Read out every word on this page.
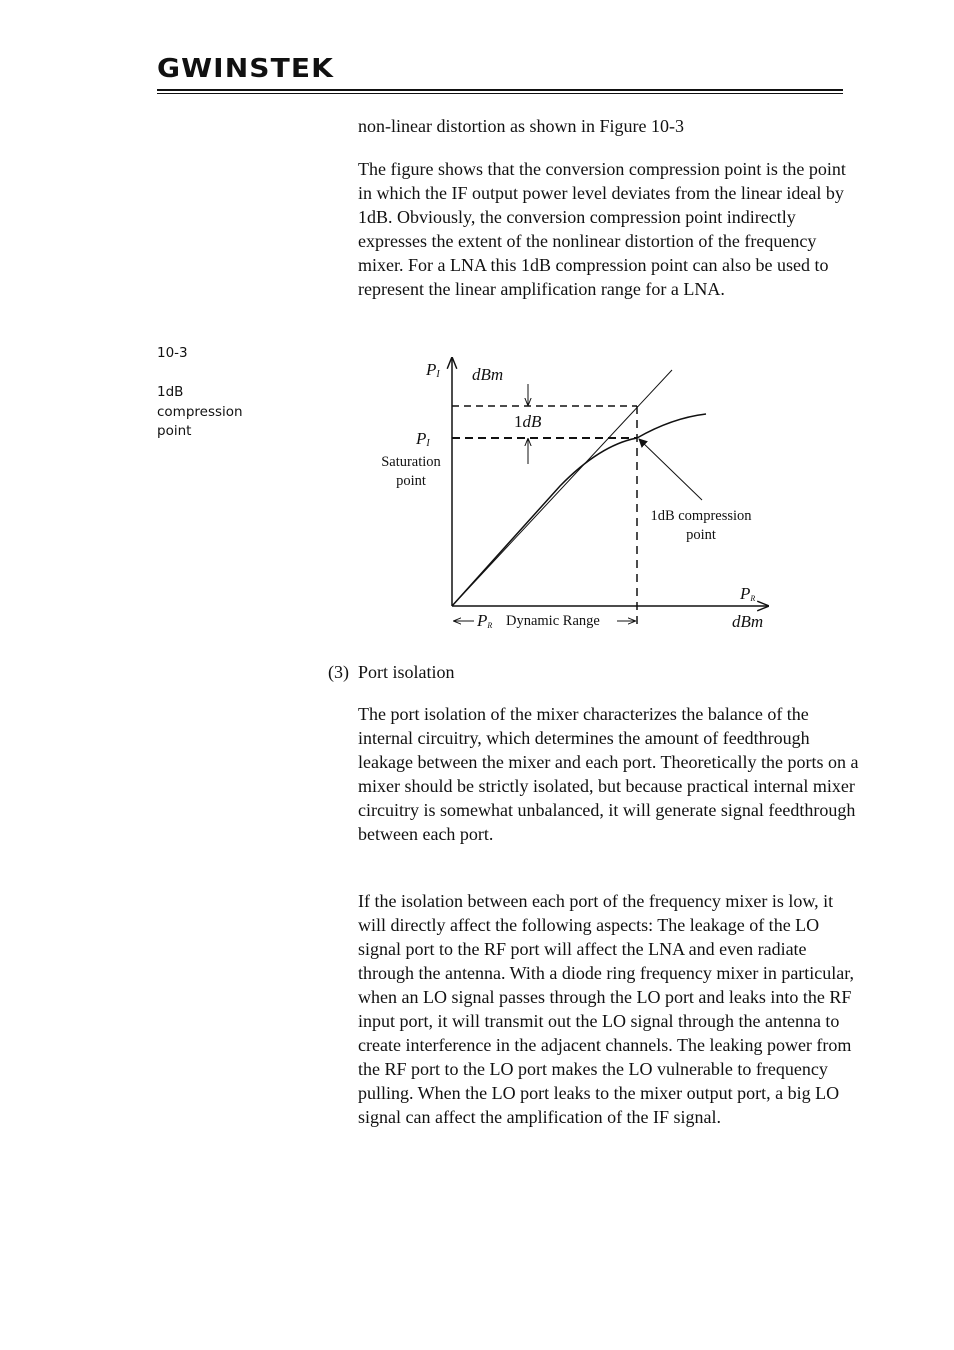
GWINSTEK

non-linear distortion as shown in Figure 10-3

The figure shows that the conversion compression point is the point in which the IF output power level deviates from the linear ideal by 1dB. Obviously, the conversion compression point indirectly expresses the extent of the nonlinear distortion of the frequency mixer. For a LNA this 1dB compression point can also be used to represent the linear amplification range for a LNA.

10-3

1dB compression point

PI dBm
1dB
PI
Saturation
point
1dB compression
point
PR
dBm
PR Dynamic Range
(3) Port isolation

The port isolation of the mixer characterizes the balance of the internal circuitry, which determines the amount of feedthrough leakage between the mixer and each port. Theoretically the ports on a mixer should be strictly isolated, but because practical internal mixer circuitry is somewhat unbalanced, it will generate signal feedthrough between each port.

If the isolation between each port of the frequency mixer is low, it will directly affect the following aspects: The leakage of the LO signal port to the RF port will affect the LNA and even radiate through the antenna. With a diode ring frequency mixer in particular, when an LO signal passes through the LO port and leaks into the RF input port, it will transmit out the LO signal through the antenna to create interference in the adjacent channels. The leaking power from the RF port to the LO port makes the LO vulnerable to frequency pulling. When the LO port leaks to the mixer output port, a big LO signal can affect the amplification of the IF signal.
